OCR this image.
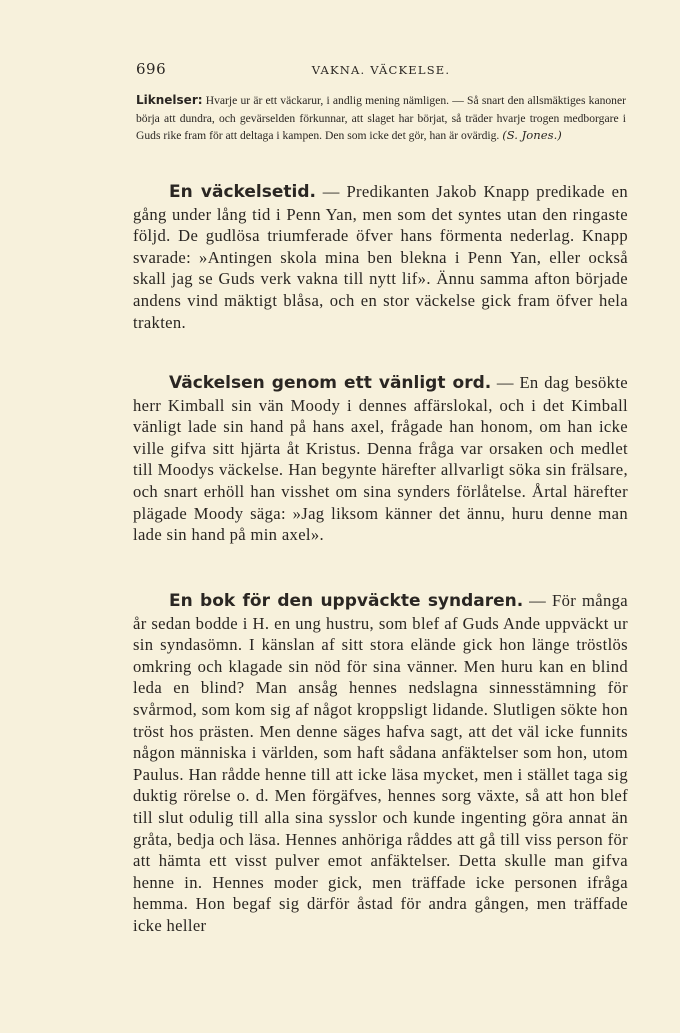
696	VAKNA. VÄCKELSE.

Liknelser: Hvarje ur är ett väckarur, i andlig mening nämligen. — Så snart den allsmäktiges kanoner börja att dundra, och gevärselden förkunnar, att slaget har börjat, så träder hvarje trogen medborgare i Guds rike fram för att deltaga i kampen. Den som icke det gör, han är ovärdig. (S. Jones.)

En väckelsetid. — Predikanten Jakob Knapp predikade en gång under lång tid i Penn Yan, men som det syntes utan den ringaste följd. De gudlösa triumferade öfver hans förmenta nederlag. Knapp svarade: »Antingen skola mina ben blekna i Penn Yan, eller också skall jag se Guds verk vakna till nytt lif». Ännu samma afton började andens vind mäktigt blåsa, och en stor väckelse gick fram öfver hela trakten.

Väckelsen genom ett vänligt ord. — En dag besökte herr Kimball sin vän Moody i dennes affärslokal, och i det Kimball vänligt lade sin hand på hans axel, frågade han honom, om han icke ville gifva sitt hjärta åt Kristus. Denna fråga var orsaken och medlet till Moodys väckelse. Han begynte härefter allvarligt söka sin frälsare, och snart erhöll han visshet om sina synders förlåtelse. Årtal härefter plägade Moody säga: »Jag liksom känner det ännu, huru denne man lade sin hand på min axel».

En bok för den uppväckte syndaren. — För många år sedan bodde i H. en ung hustru, som blef af Guds Ande uppväckt ur sin syndasömn. I känslan af sitt stora elände gick hon länge tröstlös omkring och klagade sin nöd för sina vänner. Men huru kan en blind leda en blind? Man ansåg hennes nedslagna sinnesstämning för svårmod, som kom sig af något kroppsligt lidande. Slutligen sökte hon tröst hos prästen. Men denne säges hafva sagt, att det väl icke funnits någon människa i världen, som haft sådana anfäktelser som hon, utom Paulus. Han rådde henne till att icke läsa mycket, men i stället taga sig duktig rörelse o. d. Men förgäfves, hennes sorg växte, så att hon blef till slut odulig till alla sina sysslor och kunde ingenting göra annat än gråta, bedja och läsa. Hennes anhöriga råddes att gå till viss person för att hämta ett visst pulver emot anfäktelser. Detta skulle man gifva henne in. Hennes moder gick, men träffade icke personen ifråga hemma. Hon begaf sig därför åstad för andra gången, men träffade icke heller
